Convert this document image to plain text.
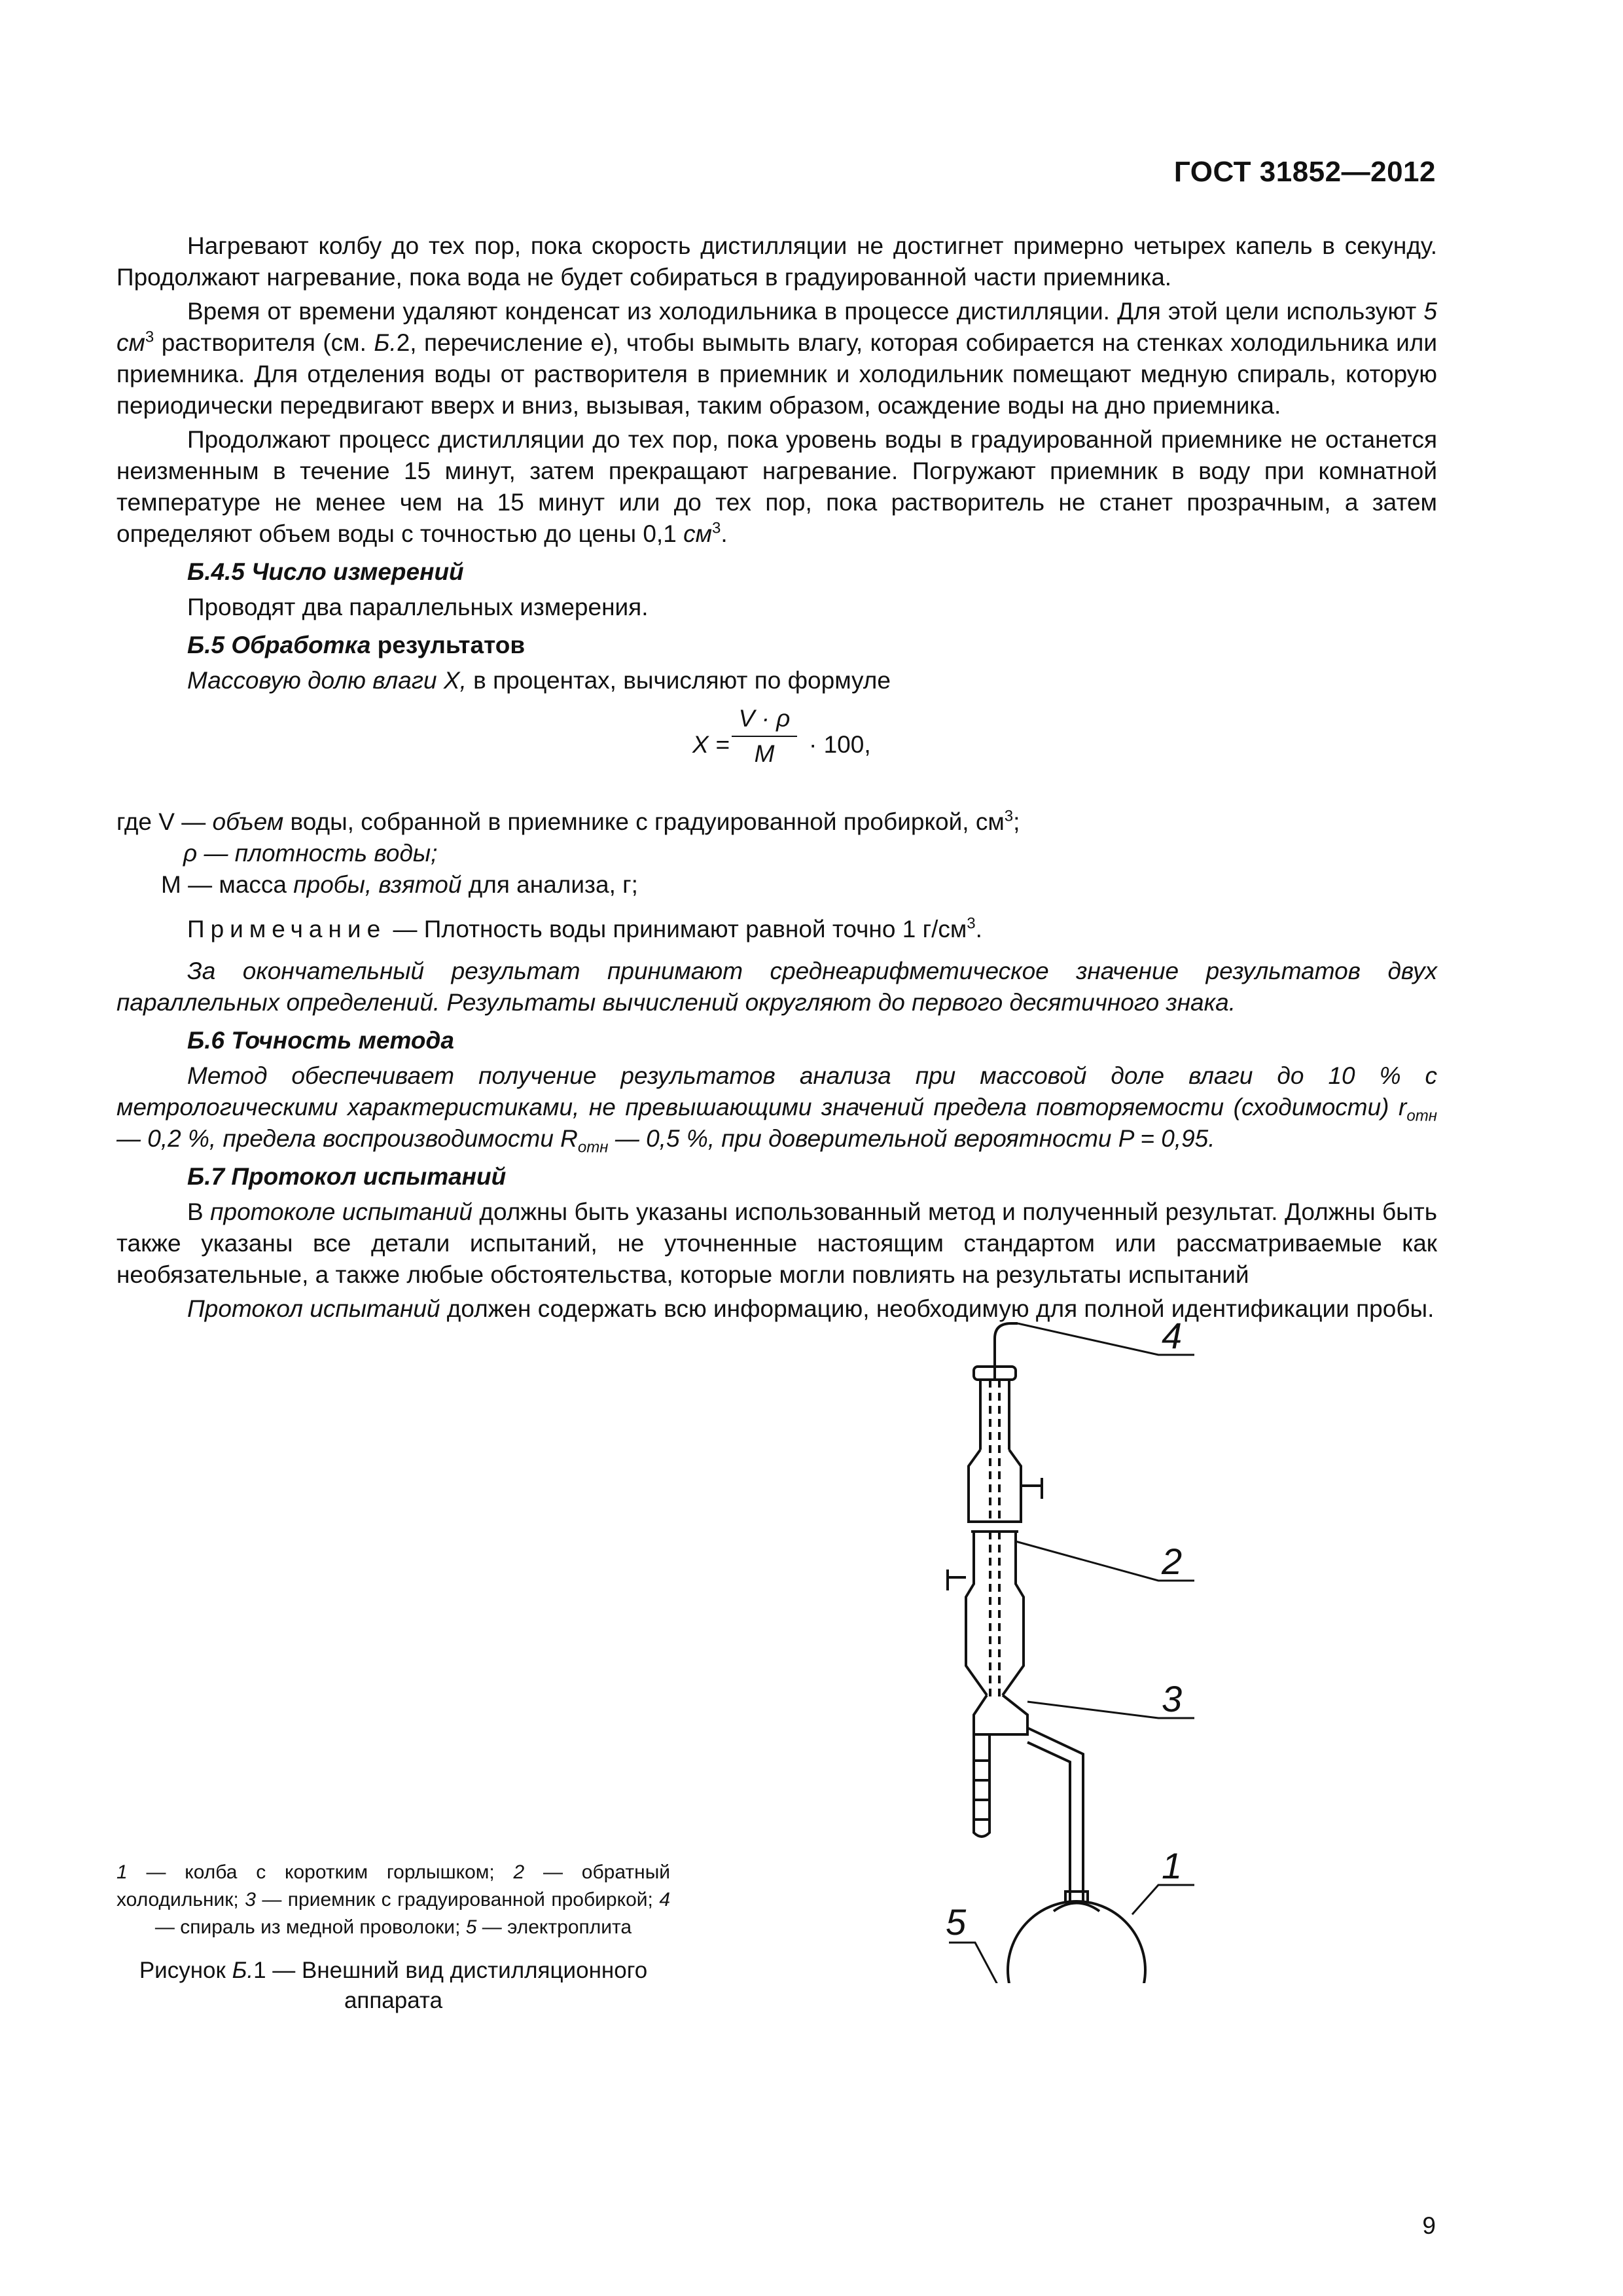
ГОСТ 31852—2012

Нагревают колбу до тех пор, пока скорость дистилляции не достигнет примерно четырех капель в секунду. Продолжают нагревание, пока вода не будет собираться в градуированной части приемника.

Время от времени удаляют конденсат из холодильника в процессе дистилляции. Для этой цели используют 5 $см^3$ растворителя (см. Б.2, перечисление е), чтобы вымыть влагу, которая собирается на стенках холодильника или приемника. Для отделения воды от растворителя в приемник и холодильник помещают медную спираль, которую периодически передвигают вверх и вниз, вызывая, таким образом, осаждение воды на дно приемника.

Продолжают процесс дистилляции до тех пор, пока уровень воды в градуированной приемнике не останется неизменным в течение 15 минут, затем прекращают нагревание. Погружают приемник в воду при комнатной температуре не менее чем на 15 минут или до тех пор, пока растворитель не станет прозрачным, а затем определяют объем воды с точностью до цены 0,1 $см^3$.

Б.4.5 Число измерений

Проводят два параллельных измерения.

Б.5 Обработка результатов

Массовую долю влаги X, в процентах, вычисляют по формуле

X =
V · ρ
M	· 100,
где V — объем воды, собранной в приемнике с градуированной пробиркой, $см^3$;
ρ — плотность воды;
M — масса пробы, взятой для анализа, г;
Примечание — Плотность воды принимают равной точно 1 $г/см^3$.

За окончательный результат принимают среднеарифметическое значение результатов двух параллельных определений. Результаты вычислений округляют до первого десятичного знака.

Б.6 Точность метода

Метод обеспечивает получение результатов анализа при массовой доле влаги до 10 % с метрологическими характеристиками, не превышающими значений предела повторяемости (сходимости) $r_{отн}$ — 0,2 %, предела воспроизводимости $R_{отн}$ — 0,5 %, при доверительной вероятности P = 0,95.

Б.7 Протокол испытаний

В протоколе испытаний должны быть указаны использованный метод и полученный результат. Должны быть также указаны все детали испытаний, не уточненные настоящим стандартом или рассматриваемые как необязательные, а также любые обстоятельства, которые могли повлиять на результаты испытаний

Протокол испытаний должен содержать всю информацию, необходимую для полной идентификации пробы.

4
2
3
1
5
1 — колба с коротким горлышком; 2 — обратный холодильник; 3 — приемник с градуированной пробиркой; 4 — спираль из медной проволоки; 5 — электроплита
Рисунок Б.1 — Внешний вид дистилляционного аппарата
9
